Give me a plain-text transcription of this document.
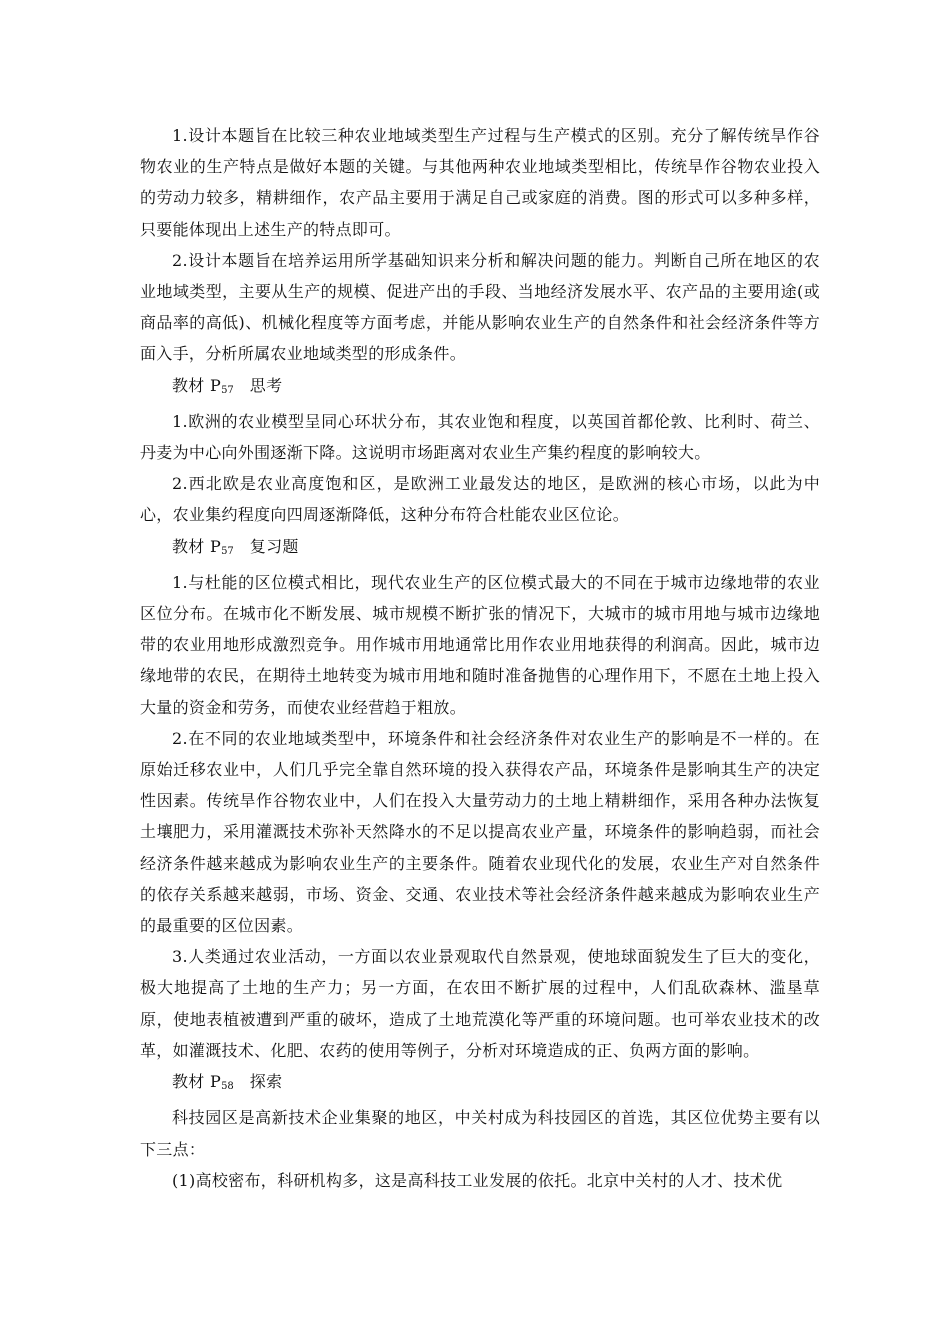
1.设计本题旨在比较三种农业地域类型生产过程与生产模式的区别。充分了解传统旱作谷物农业的生产特点是做好本题的关键。与其他两种农业地域类型相比，传统旱作谷物农业投入的劳动力较多，精耕细作，农产品主要用于满足自己或家庭的消费。图的形式可以多种多样，只要能体现出上述生产的特点即可。

2.设计本题旨在培养运用所学基础知识来分析和解决问题的能力。判断自己所在地区的农业地域类型，主要从生产的规模、促进产出的手段、当地经济发展水平、农产品的主要用途(或商品率的高低)、机械化程度等方面考虑，并能从影响农业生产的自然条件和社会经济条件等方面入手，分析所属农业地域类型的形成条件。

教材 P57 思考

1.欧洲的农业模型呈同心环状分布，其农业饱和程度，以英国首都伦敦、比利时、荷兰、丹麦为中心向外围逐渐下降。这说明市场距离对农业生产集约程度的影响较大。

2.西北欧是农业高度饱和区，是欧洲工业最发达的地区，是欧洲的核心市场，以此为中心，农业集约程度向四周逐渐降低，这种分布符合杜能农业区位论。

教材 P57 复习题

1.与杜能的区位模式相比，现代农业生产的区位模式最大的不同在于城市边缘地带的农业区位分布。在城市化不断发展、城市规模不断扩张的情况下，大城市的城市用地与城市边缘地带的农业用地形成激烈竞争。用作城市用地通常比用作农业用地获得的利润高。因此，城市边缘地带的农民，在期待土地转变为城市用地和随时准备抛售的心理作用下，不愿在土地上投入大量的资金和劳务，而使农业经营趋于粗放。

2.在不同的农业地域类型中，环境条件和社会经济条件对农业生产的影响是不一样的。在原始迁移农业中，人们几乎完全靠自然环境的投入获得农产品，环境条件是影响其生产的决定性因素。传统旱作谷物农业中，人们在投入大量劳动力的土地上精耕细作，采用各种办法恢复土壤肥力，采用灌溉技术弥补天然降水的不足以提高农业产量，环境条件的影响趋弱，而社会经济条件越来越成为影响农业生产的主要条件。随着农业现代化的发展，农业生产对自然条件的依存关系越来越弱，市场、资金、交通、农业技术等社会经济条件越来越成为影响农业生产的最重要的区位因素。

3.人类通过农业活动，一方面以农业景观取代自然景观，使地球面貌发生了巨大的变化，极大地提高了土地的生产力；另一方面，在农田不断扩展的过程中，人们乱砍森林、滥垦草原，使地表植被遭到严重的破坏，造成了土地荒漠化等严重的环境问题。也可举农业技术的改革，如灌溉技术、化肥、农药的使用等例子，分析对环境造成的正、负两方面的影响。

教材 P58 探索

科技园区是高新技术企业集聚的地区，中关村成为科技园区的首选，其区位优势主要有以下三点：

(1)高校密布，科研机构多，这是高科技工业发展的依托。北京中关村的人才、技术优
